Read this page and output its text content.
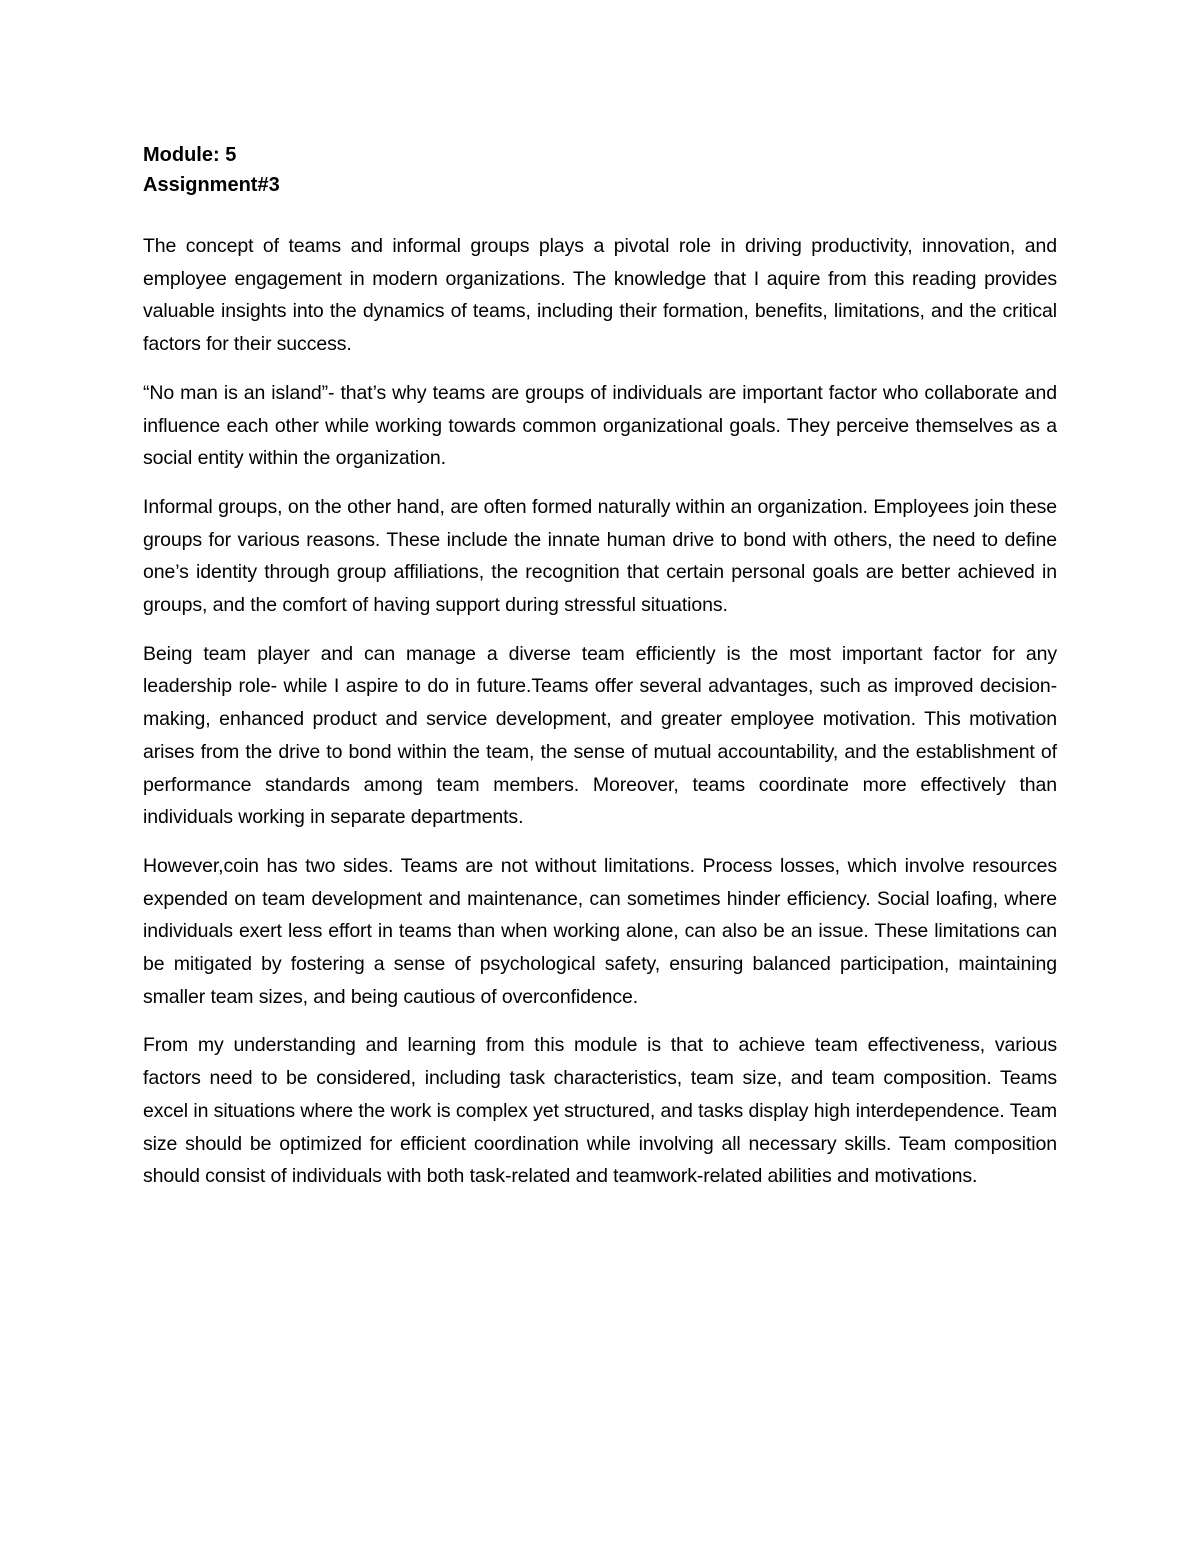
Module: 5
Assignment#3

The concept of teams and informal groups plays a pivotal role in driving productivity, innovation, and employee engagement in modern organizations. The knowledge that I aquire from this reading provides valuable insights into the dynamics of teams, including their formation, benefits, limitations, and the critical factors for their success.

“No man is an island”- that’s why teams are groups of individuals are important factor who collaborate and influence each other while working towards common organizational goals. They perceive themselves as a social entity within the organization.

Informal groups, on the other hand, are often formed naturally within an organization. Employees join these groups for various reasons. These include the innate human drive to bond with others, the need to define one’s identity through group affiliations, the recognition that certain personal goals are better achieved in groups, and the comfort of having support during stressful situations.

Being team player and can manage a diverse team efficiently is the most important factor for any leadership role- while I aspire to do in future.Teams offer several advantages, such as improved decision-making, enhanced product and service development, and greater employee motivation. This motivation arises from the drive to bond within the team, the sense of mutual accountability, and the establishment of performance standards among team members. Moreover, teams coordinate more effectively than individuals working in separate departments.

However,coin has two sides. Teams are not without limitations. Process losses, which involve resources expended on team development and maintenance, can sometimes hinder efficiency. Social loafing, where individuals exert less effort in teams than when working alone, can also be an issue. These limitations can be mitigated by fostering a sense of psychological safety, ensuring balanced participation, maintaining smaller team sizes, and being cautious of overconfidence.

From my understanding and learning from this module is that to achieve team effectiveness, various factors need to be considered, including task characteristics, team size, and team composition. Teams excel in situations where the work is complex yet structured, and tasks display high interdependence. Team size should be optimized for efficient coordination while involving all necessary skills. Team composition should consist of individuals with both task-related and teamwork-related abilities and motivations.
